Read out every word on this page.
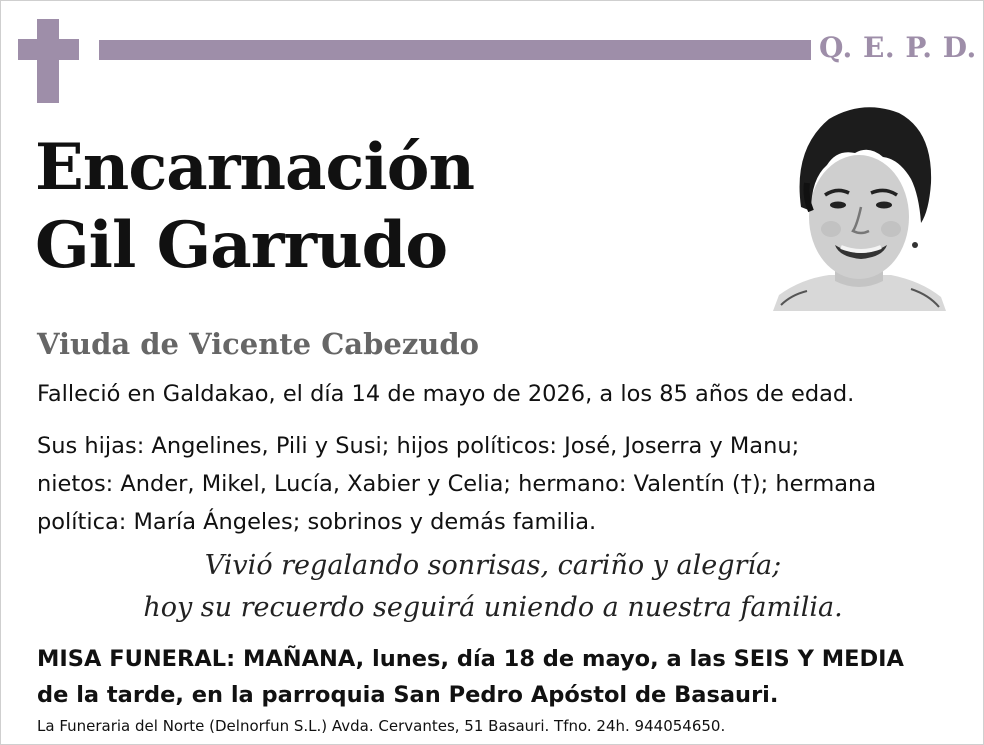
Q. E. P. D.
Encarnación
Gil Garrudo
Viuda de Vicente Cabezudo
Falleció en Galdakao, el día 14 de mayo de 2026, a los 85 años de edad.
Sus hijas: Angelines, Pili y Susi; hijos políticos: José, Joserra y Manu;
nietos: Ander, Mikel, Lucía, Xabier y Celia; hermano: Valentín (†); hermana
política: María Ángeles; sobrinos y demás familia.
Vivió regalando sonrisas, cariño y alegría;
hoy su recuerdo seguirá uniendo a nuestra familia.
MISA FUNERAL: MAÑANA, lunes, día 18 de mayo, a las SEIS Y MEDIA
de la tarde, en la parroquia San Pedro Apóstol de Basauri.
La Funeraria del Norte (Delnorfun S.L.) Avda. Cervantes, 51 Basauri. Tfno. 24h. 944054650.
